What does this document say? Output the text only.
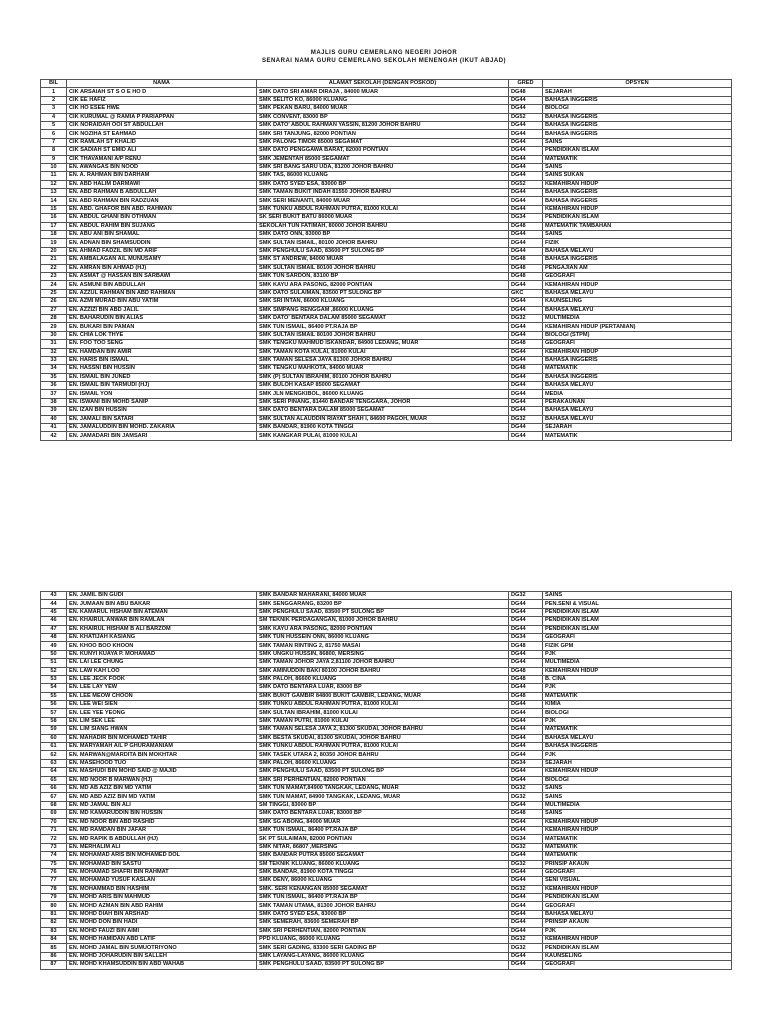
MAJLIS GURU CEMERLANG NEGERI JOHOR
SENARAI NAMA GURU CEMERLANG SEKOLAH MENENGAH (IKUT ABJAD)
BIL	NAMA	ALAMAT SEKOLAH (DENGAN POSKOD)	GRED	OPSYEN
1	CIK ARSAIAH ST S O E HO D	SMK DATO SRI AMAR DIRAJA , 84000 MUAR	DG48	SEJARAH
2	CIK EE HAFIZ	SMK SELITO KO, 86000 KLUANG	DG44	BAHASA INGGERIS
3	CIK HO ESEE HWE	SMK PEKAN BARU, 84000 MUAR	DG44	BIOLOGI
4	CIK KURUMAL @ RAMIA P PARIAPPAN	SMK CONVENT, 83000 BP	DG52	BAHASA INGGERIS
5	CIK NORAIDAH OOI ST ABDULLAH	SMK DATO' ABDUL RAHMAN YASSIN, 81200 JOHOR BAHRU	DG44	BAHASA INGGERIS
6	CIK NOZIHA ST EAHMAD	SMK SRI TANJUNG, 82000 PONTIAN	DG44	BAHASA INGGERIS
7	CIK RAMLAH ST KHALID	SMK PALONG TIMOR 85000 SEGAMAT	DG44	SAINS
8	CIK SADIAH ST EMID ALI	SMK DATO PENGGAWA BARAT, 82000 PONTIAN	DG44	PENDIDIKAN ISLAM
9	CIK THAVAMANI A/P RENU	SMK JEMENTAH 85000 SEGAMAT	DG44	MATEMATIK
10	EN. AWANGAS BIN NOOD	SMK SRI BANG SARU UDA, 81200 JOHOR BAHRU	DG44	SAINS
11	EN. A. RAHMAN BIN DARHAM	SMK TAS, 86000 KLUANG	DG44	SAINS SUKAN
12	EN. ABD HALIM DARMAWI	SMK DATO SYED ESA, 83000 BP	DG52	KEMAHIRAN HIDUP
13	EN. ABD RAHMAN B ABDULLAH	SMK TAMAN BUKIT INDAH 81550 JOHOR BAHRU	DG44	BAHASA INGGERIS
14	EN. ABD RAHMAN BIN RADZUAN	SMK SERI MENANTI, 84000 MUAR	DG44	BAHASA INGGERIS
15	EN. ABD. GHAFOR BIN ABD. RAHMAN	SMK TUNKU ABDUL RAHMAN PUTRA, 81000 KULAI	DG44	KEMAHIRAN HIDUP
16	EN. ABDUL GHANI BIN OTHMAN	SK SERI BUKIT BATU 86000 MUAR	DG34	PENDIDIKAN ISLAM
17	EN. ABDUL RAHIM BIN SUJANG	SEKOLAH TUN FATIMAH, 80000 JOHOR BAHRU	DG48	MATEMATIK TAMBAHAN
18	EN. ABU ANI BIN SHAMAL	SMK DATO ONN, 83000 BP	DG44	SAINS
19	EN. ADNAN BIN SHAMSUDDIN	SMK SULTAN ISMAIL, 80100 JOHOR BAHRU	DG44	FIZIK
20	EN. AHMAD FADZIL BIN MD ARIF	SMK PENGHULU SAAD, 83600 PT SULONG BP	DG44	BAHASA MELAYU
21	EN. AMBALAGAN A/L MUNUSAMY	SMK ST ANDREW, 84000 MUAR	DG48	BAHASA INGGERIS
22	EN. AMRAN BIN AHMAD (HJ)	SMK SULTAN ISMAIL 80100 JOHOR BAHRU	DG48	PENGAJIAN AM
23	EN. ASMAT @ HASSAN BIN SARBAWI	SMK TUN SARDON, 83100 BP	DG48	GEOGRAFI
24	EN. ASMUNI BIN ABDULLAH	SMK KAYU ARA PASONG, 82000 PONTIAN	DG44	KEMAHIRAN HIDUP
25	EN. AZZUL RAHMAN BIN ABD RAHMAN	SMK DATO SULAIMAN, 83500 PT SULONG BP	GKC	BAHASA MELAYU
26	EN. AZMI MURAD BIN ABU YATIM	SMK SRI INTAN, 86000 KLUANG	DG44	KAUNSELING
27	EN. AZZIZI BIN ABD JALIL	SMK SIMPANG RENGGAM ,86000 KLUANG	DG44	BAHASA MELAYU
28	EN. BAHARUDIN BIN ALIAS	SMK DATO' BENTARA DALAM 85000 SEGAMAT	DG32	MULTIMEDIA
29	EN. BUKARI BIN PAMAN	SMK TUN ISMAIL, 86400 PT.RAJA BP	DG44	KEMAHIRAN HIDUP (PERTANIAN)
30	EN. CHIA LOK THYE	SMK SULTAN ISMAIL 80100 JOHOR BAHRU	DG44	BIOLOGI (STPM)
31	EN. FOO TOO SENG	SMK TENGKU MAHMUD ISKANDAR, 84900 LEDANG, MUAR	DG48	GEOGRAFI
32	EN. HAMDAN BIN AMIR	SMK TAMAN KOTA KULAI, 81000 KULAI	DG44	KEMAHIRAN HIDUP
33	EN. HARIS BIN ISMAIL	SMK TAMAN SELESA JAYA 81300 JOHOR BAHRU	DG44	BAHASA INGGERIS
34	EN. HASSNI BIN HUSSIN	SMK TENGKU MAHKOTA, 84000 MUAR	DG48	MATEMATIK
35	EN. ISMAIL BIN JUNED	SMK (P) SULTAN IBRAHIM, 80100 JOHOR BAHRU	DG44	BAHASA INGGERIS
36	EN. ISMAIL BIN TARMUDI (HJ)	SMK BULOH KASAP 85000 SEGAMAT	DG44	BAHASA MELAYU
37	EN. ISMAIL YON	SMK JLN MENGKIBOL, 86000 KLUANG	DG44	MEDIA
38	EN. ISWANI BIN MOHD SANIP	SMK SERI PINANG, 81440 BANDAR TENGGARA, JOHOR	DG44	PERAKAUNAN
39	EN. IZAN BIN HUSSIN	SMK DATO BENTARA DALAM 85000 SEGAMAT	DG44	BAHASA MELAYU
40	EN. JAMALI BIN SATARI	SMK SULTAN ALAUDDIN RIAYAT SHAH I, 84600 PAGOH, MUAR	DG32	BAHASA MELAYU
41	EN. JAMALUDDIN BIN MOHD. ZAKARIA	SMK BANDAR, 81900 KOTA TINGGI	DG44	SEJARAH
42	EN. JAMADARI BIN JAMSARI	SMK KANGKAR PULAI, 81000 KULAI	DG44	MATEMATIK
43	EN. JAMIL BIN GUDI	SMK BANDAR MAHARANI, 84000 MUAR	DG32	SAINS
44	EN. JUMAAN BIN ABU BAKAR	SMK SENGGARANG, 83200 BP	DG44	PEN.SENI & VISUAL
45	EN. KAMARUL HISHAM BIN ATEMAN	SMK PENGHULU SAAD, 83500 PT SULONG BP	DG44	PENDIDIKAN ISLAM
46	EN. KHAIRUL ANWAR BIN RAMLAN	SM TEKNIK PERDAGANGAN, 81000 JOHOR BAHRU	DG44	PENDIDIKAN ISLAM
47	EN. KHAIRUL HISHAM B ALI BARZOM	SMK KAYU ARA PASONG, 82000 PONTIAN	DG44	PENDIDIKAN ISLAM
48	EN. KHATIJAH KASIANG	SMK TUN HUSSEIN ONN, 86000 KLUANG	DG34	GEOGRAFI
49	EN. KHOO BOO KHOON	SMK TAMAN RINTING 2, 81750 MASAI	DG48	FIZIK GPM
50	EN. KUNYI KUAYA P. MOHAMAD	SMK UNGKU HUSSIN, 86800, MERSING	DG44	PJK
51	EN. LAI LEE CHUNG	SMK TAMAN JOHOR JAYA 2,81100 JOHOR BAHRU	DG44	MULTIMEDIA
52	EN. LAW KAH LOO	SMK AMINUDDIN BAKI 80100 JOHOR BAHRU	DG48	KEMAHIRAN HIDUP
53	EN. LEE JECK FOOK	SMK PALOH, 86600 KLUANG	DG48	B. CINA
54	EN. LEE LAY YEW	SMK DATO BENTARA LUAR, 83000 BP	DG44	PJK
55	EN. LEE MEOW CHOON	SMK BUKIT GAMBIR 84800 BUKIT GAMBIR, LEDANG, MUAR	DG48	MATEMATIK
56	EN. LEE WEI SIEN	SMK TUNKU ABDUL RAHMAN PUTRA, 81000 KULAI	DG44	KIMIA
57	EN. LEE YEE YEONG	SMK SULTAN IBRAHIM, 81000 KULAI	DG44	BIOLOGI
58	EN. LIM SEK LEE	SMK TAMAN PUTRI, 81000 KULAI	DG44	PJK
59	EN. LIM SIANG HWAN	SMK TAMAN SELESA JAYA 2, 81300 SKUDAI, JOHOR BAHRU	DG44	MATEMATIK
60	EN. MAHADIR BIN MOHAMED TAHIR	SMK BESTA SKUDAI, 81300 SKUDAI, JOHOR BAHRU	DG44	BAHASA MELAYU
61	EN. MARYAMAH A/L P GHURAMANIAM	SMK TUNKU ABDUL RAHMAN PUTRA, 81000 KULAI	DG44	BAHASA INGGERIS
62	EN. MARWAN@MARDITA BIN MOKHTAR	SMK TASEK UTARA 2, 80350 JOHOR BAHRU	DG44	PJK
63	EN. MASEHOOD TUO	SMK PALOH, 86600 KLUANG	DG34	SEJARAH
64	EN. MASHUDI BIN MOHD SAID @ MAJID	SMK PENGHULU SAAD, 83500 PT SULONG BP	DG44	KEMAHIRAN HIDUP
65	EN. MD NOOR B MARWAN (HJ)	SMK SRI PERHENTIAN, 82000 PONTIAN	DG44	BIOLOGI
66	EN. MD AB AZIZ BIN MD YATIM	SMK TUN MAMAT,84900 TANGKAK, LEDANG, MUAR	DG32	SAINS
67	EN. MD ABD AZIZ BIN MD YATIM	SMK TUN MAMAT, 84900 TANGKAK, LEDANG, MUAR	DG32	SAINS
68	EN. MD JAMAL BIN ALI	SM TINGGI, 83000 BP	DG44	MULTIMEDIA
69	EN. MD KAMARUDDIN BIN HUSSIN	SMK DATO BENTARA LUAR, 83000 BP	DG48	SAINS
70	EN. MD NOOR BIN ABD RASHID	SMK SG ABONG, 84000 MUAR	DG44	KEMAHIRAN HIDUP
71	EN. MD RAMDAN BIN JAFAR	SMK TUN ISMAIL, 86400 PT.RAJA BP	DG44	KEMAHIRAN HIDUP
72	EN. MD RAPIK B ABDULLAH (HJ)	SK PT SULAIMAN, 82000 PONTIAN	DG34	MATEMATIK
73	EN. MERHALIM ALI	SMK NITAR, 86807 ,MERSING	DG32	MATEMATIK
74	EN. MOHAMAD ARIS BIN MOHAMED DOL	SMK BANDAR PUTRA 85000 SEGAMAT	DG44	MATEMATIK
75	EN. MOHAMAD BIN SASTU	SM TEKNIK KLUANG, 86000 KLUANG	DG32	PRINSIP AKAUN
76	EN. MOHAMAD SHAFRI BIN RAHMAT	SMK BANDAR, 81900 KOTA TINGGI	DG44	GEOGRAFI
77	EN. MOHAMAD YUSUF KASLAN	SMK DENY, 86000 KLUANG	DG44	SENI VISUAL
78	EN. MOHAMMAD BIN HASHIM	SMK. SERI KENANGAN 85000 SEGAMAT	DG32	KEMAHIRAN HIDUP
79	EN. MOHD ARIS BIN MAHMUD	SMK TUN ISMAIL, 86400 PT.RAJA BP	DG44	PENDIDIKAN ISLAM
80	EN. MOHD AZMAN BIN ABD RAHIM	SMK TAMAN UTAMA, 81300 JOHOR BAHRU	DG44	GEOGRAFI
81	EN. MOHD DIAH BIN ARSHAD	SMK DATO SYED ESA, 83000 BP	DG44	BAHASA MELAYU
82	EN. MOHD DON BIN HADI	SMK SEMERAH, 83600 SEMERAH BP	DG44	PRINSIP AKAUN
83	EN. MOHD FAUZI BIN AIMI	SMK SRI PERHENTIAN, 82000 PONTIAN	DG44	PJK
84	EN. MOHD HAMIDAN ABD LATIF	PPD KLUANG, 86000 KLUANG	DG32	KEMAHIRAN HIDUP
85	EN. MOHD JAMAL BIN SUMUOTRIYONO	SMK SERI GADING, 83300 SERI GADING BP	DG32	PENDIDIKAN ISLAM
86	EN. MOHD JOHARUDIN BIN SALLEH	SMK LAYANG-LAYANG, 86000 KLUANG	DG44	KAUNSELING
87	EN. MOHD KHAMSUDDIN BIN ABD WAHAB	SMK PENGHULU SAAD, 83500 PT SULONG BP	DG44	GEOGRAFI
